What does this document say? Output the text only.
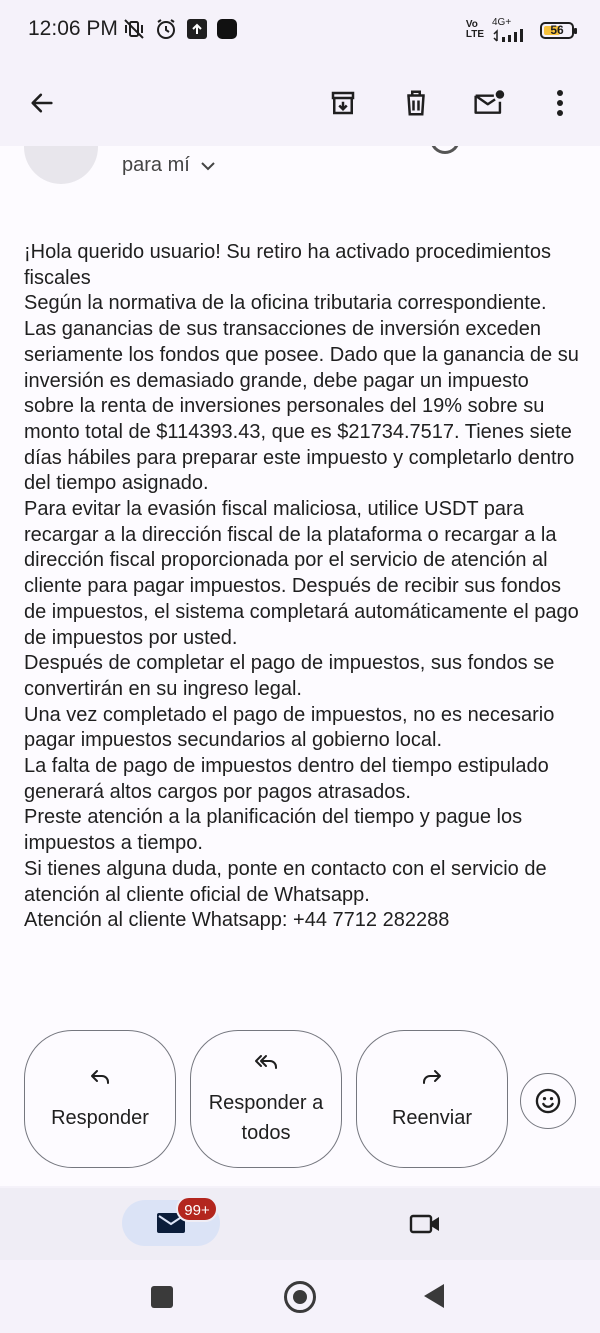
12:06 PM	Vo
LTE
4G+	56
para mí

¡Hola querido usuario! Su retiro ha activado procedimientos fiscales

Según la normativa de la oficina tributaria correspondiente. Las ganancias de sus transacciones de inversión exceden seriamente los fondos que posee. Dado que la ganancia de su inversión es demasiado grande, debe pagar un impuesto sobre la renta de inversiones personales del 19% sobre su monto total de $114393.43, que es $21734.7517. Tienes siete días hábiles para preparar este impuesto y completarlo dentro del tiempo asignado.

Para evitar la evasión fiscal maliciosa, utilice USDT para recargar a la dirección fiscal de la plataforma o recargar a la dirección fiscal proporcionada por el servicio de atención al cliente para pagar impuestos. Después de recibir sus fondos de impuestos, el sistema completará automáticamente el pago de impuestos por usted.

Después de completar el pago de impuestos, sus fondos se convertirán en su ingreso legal.

Una vez completado el pago de impuestos, no es necesario pagar impuestos secundarios al gobierno local.

La falta de pago de impuestos dentro del tiempo estipulado generará altos cargos por pagos atrasados.

Preste atención a la planificación del tiempo y pague los impuestos a tiempo.

Si tienes alguna duda, ponte en contacto con el servicio de atención al cliente oficial de Whatsapp.

Atención al cliente Whatsapp: +44 7712 282288

Responder
Responder a todos
Reenviar
99+
